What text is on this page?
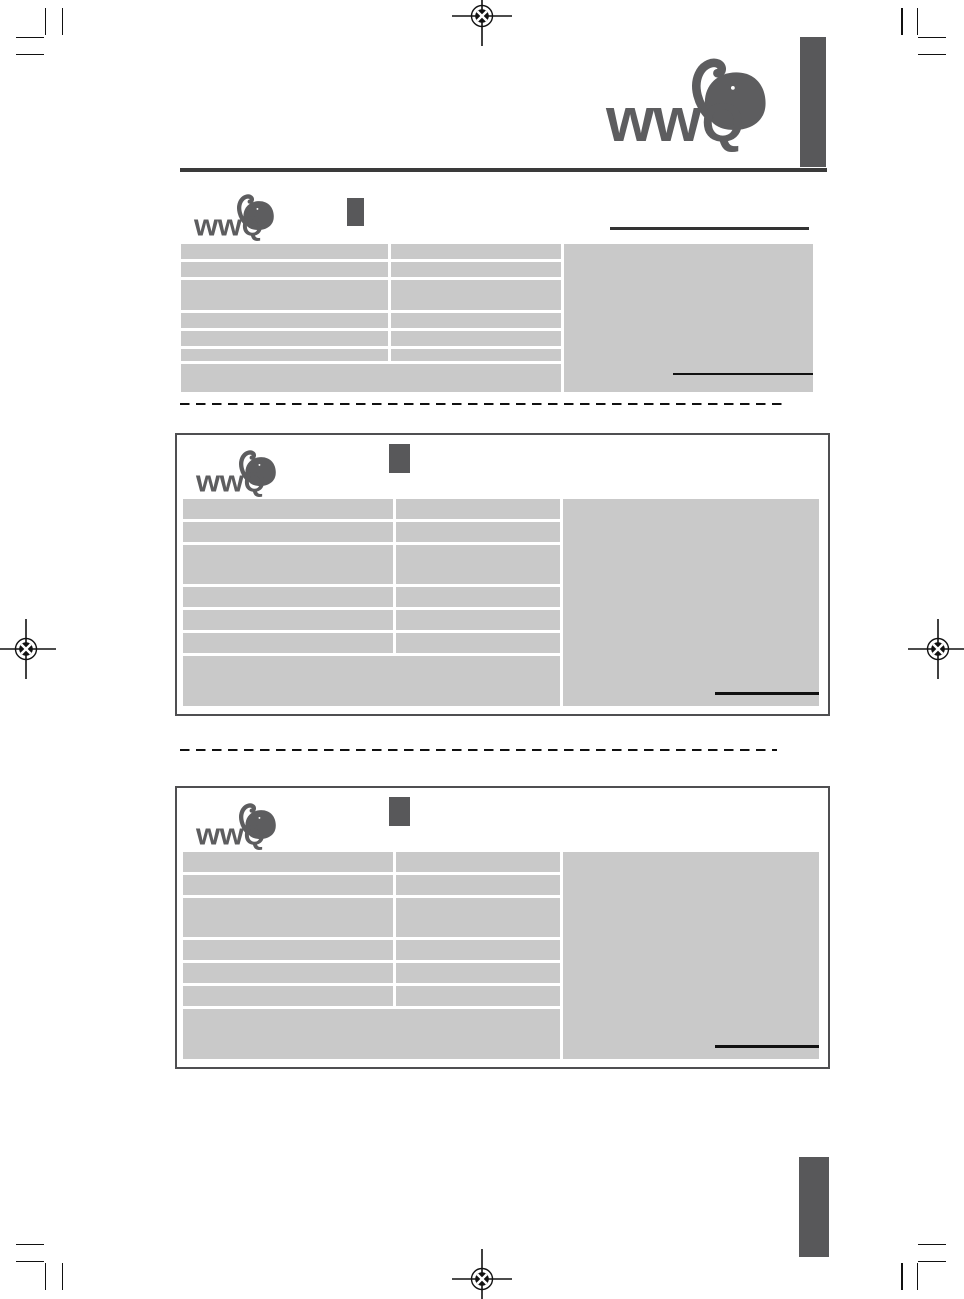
ww Q
ww Q
ww Q
ww Q
